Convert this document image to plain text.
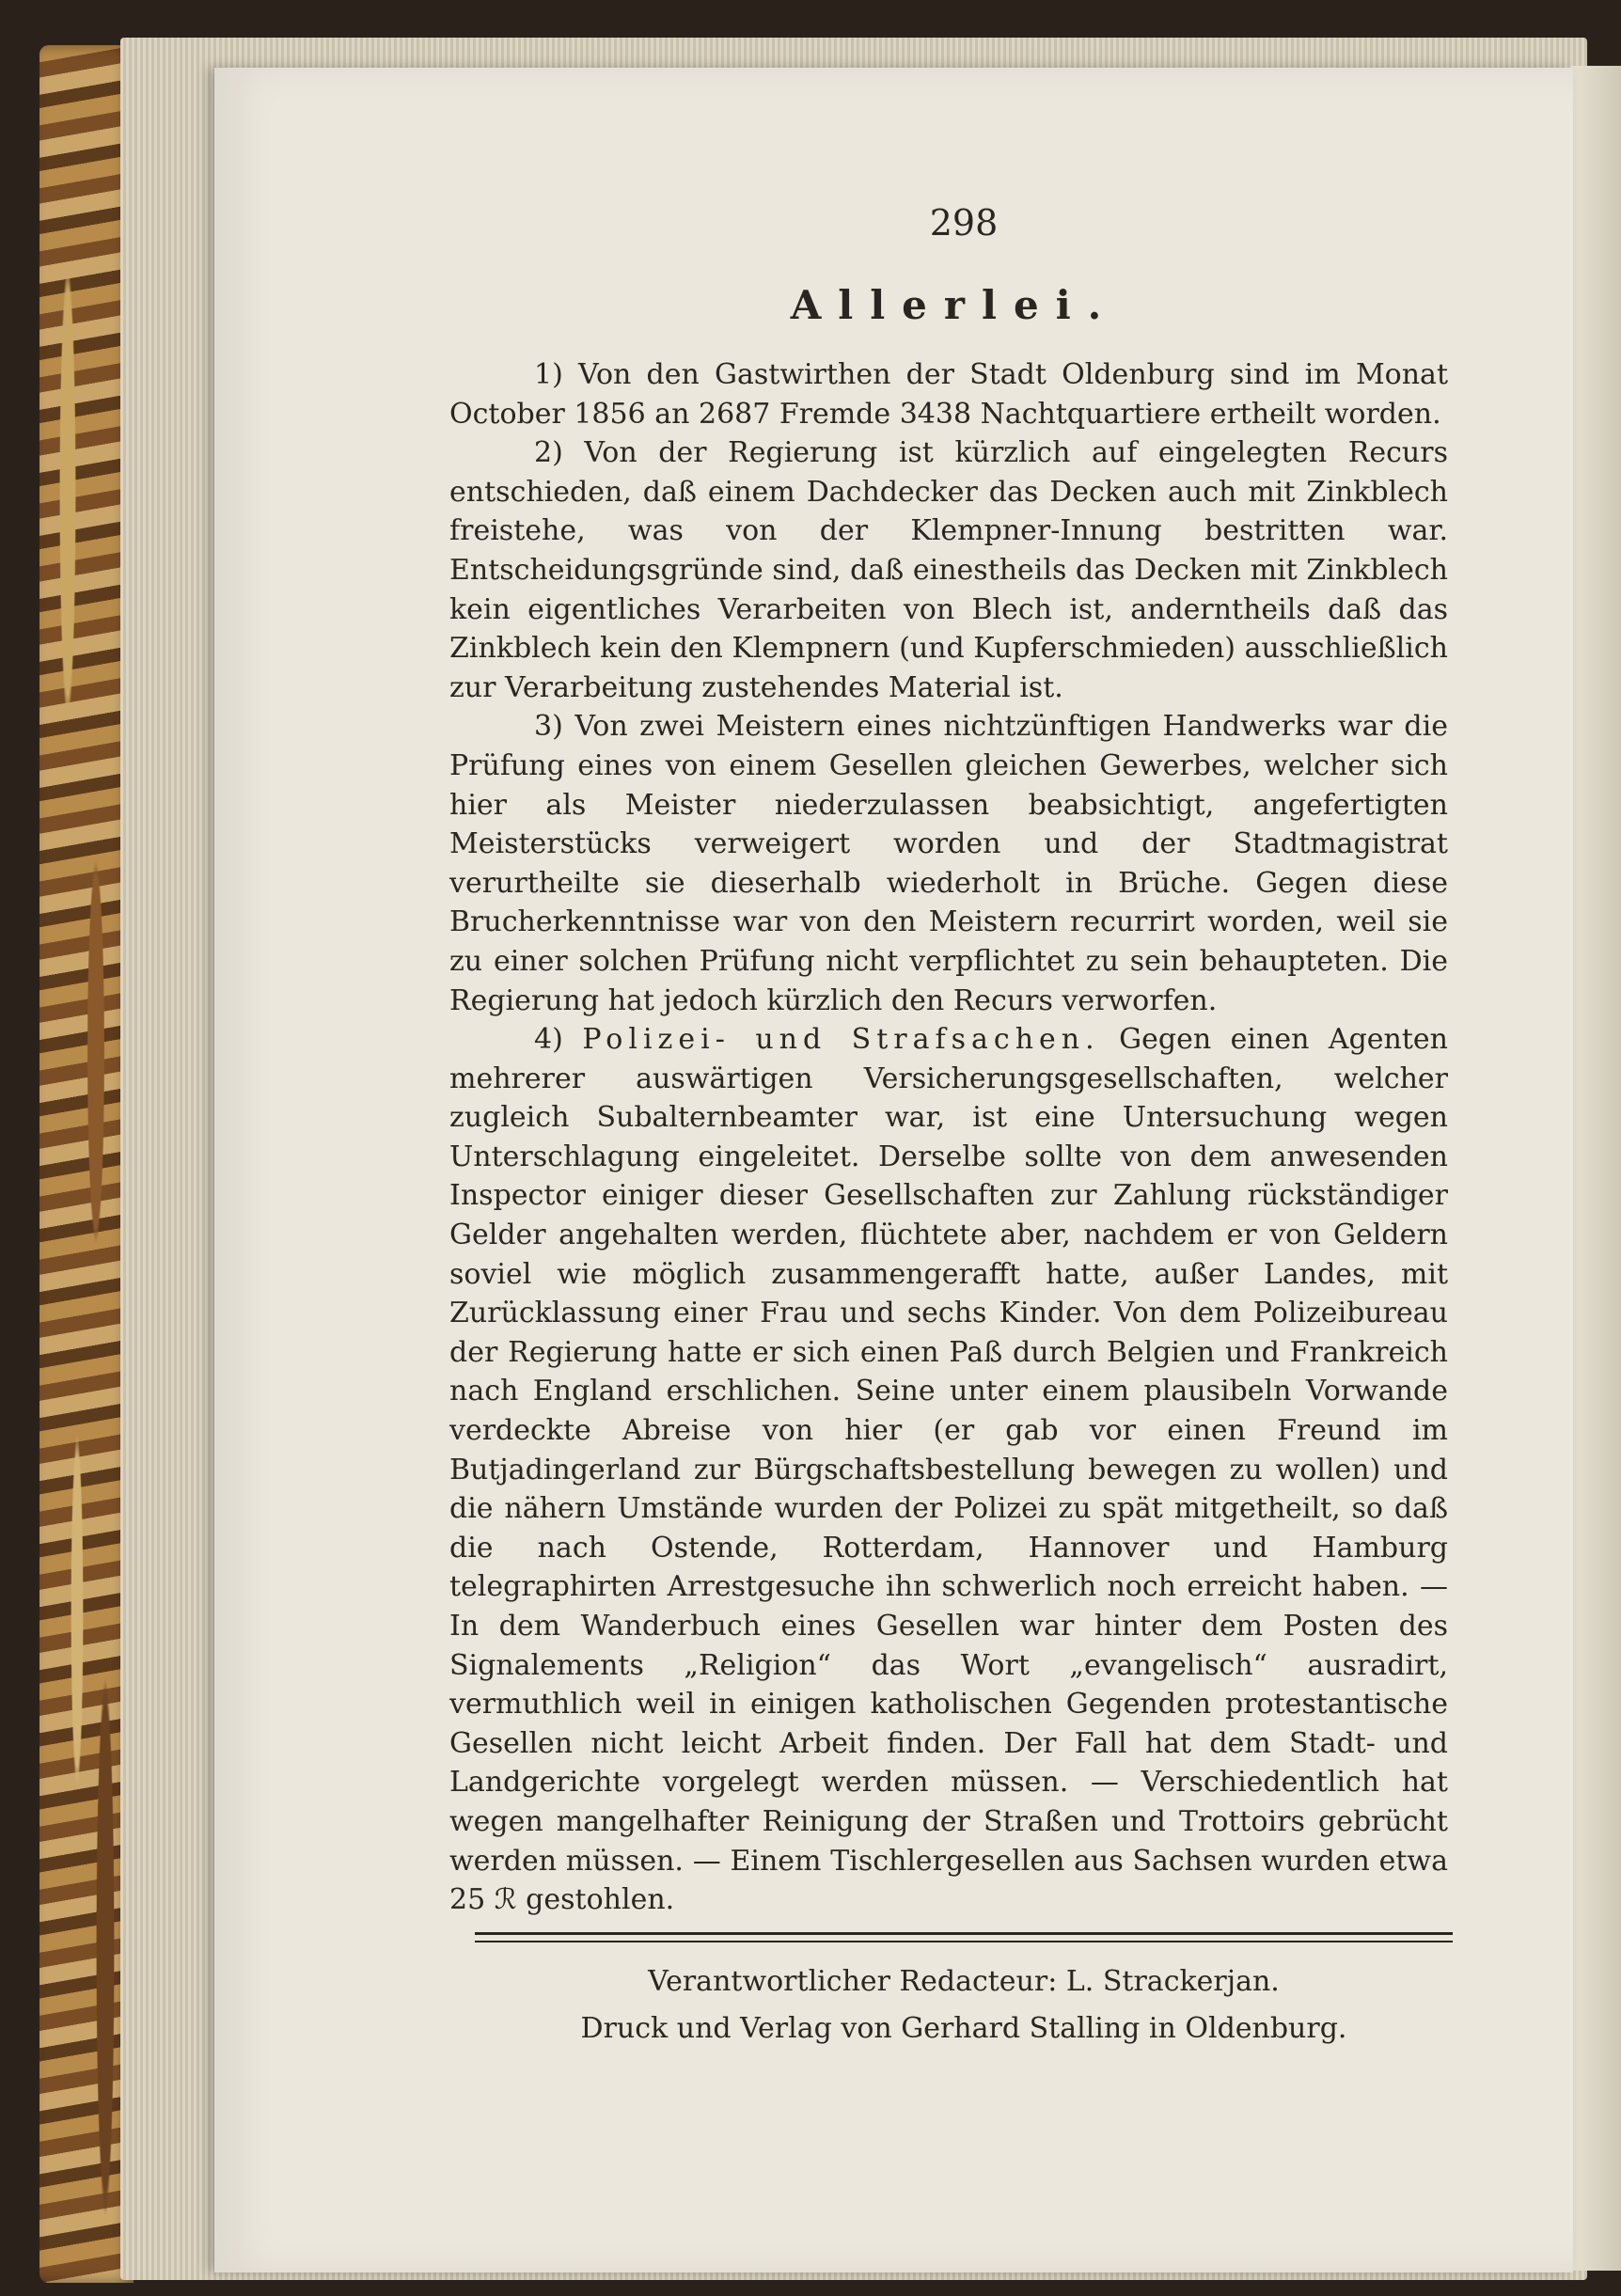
298
Allerlei.

1) Von den Gastwirthen der Stadt Oldenburg sind im Monat October 1856 an 2687 Fremde 3438 Nachtquartiere ertheilt worden.

2) Von der Regierung ist kürzlich auf eingelegten Recurs entschieden, daß einem Dachdecker das Decken auch mit Zinkblech freistehe, was von der Klempner-Innung bestritten war. Entscheidungsgründe sind, daß einestheils das Decken mit Zinkblech kein eigentliches Verarbeiten von Blech ist, anderntheils daß das Zinkblech kein den Klempnern (und Kupferschmieden) ausschließlich zur Verarbeitung zustehendes Material ist.

3) Von zwei Meistern eines nichtzünftigen Handwerks war die Prüfung eines von einem Gesellen gleichen Gewerbes, welcher sich hier als Meister niederzulassen beabsichtigt, angefertigten Meisterstücks verweigert worden und der Stadtmagistrat verurtheilte sie dieserhalb wiederholt in Brüche. Gegen diese Brucherkenntnisse war von den Meistern recurrirt worden, weil sie zu einer solchen Prüfung nicht verpflichtet zu sein behaupteten. Die Regierung hat jedoch kürzlich den Recurs verworfen.

4) Polizei- und Strafsachen. Gegen einen Agenten mehrerer auswärtigen Versicherungsgesellschaften, welcher zugleich Subalternbeamter war, ist eine Untersuchung wegen Unterschlagung eingeleitet. Derselbe sollte von dem anwesenden Inspector einiger dieser Gesellschaften zur Zahlung rückständiger Gelder angehalten werden, flüchtete aber, nachdem er von Geldern soviel wie möglich zusammengerafft hatte, außer Landes, mit Zurücklassung einer Frau und sechs Kinder. Von dem Polizeibureau der Regierung hatte er sich einen Paß durch Belgien und Frankreich nach England erschlichen. Seine unter einem plausibeln Vorwande verdeckte Abreise von hier (er gab vor einen Freund im Butjadingerland zur Bürgschaftsbestellung bewegen zu wollen) und die nähern Umstände wurden der Polizei zu spät mitgetheilt, so daß die nach Ostende, Rotterdam, Hannover und Hamburg telegraphirten Arrestgesuche ihn schwerlich noch erreicht haben. — In dem Wanderbuch eines Gesellen war hinter dem Posten des Signalements „Religion“ das Wort „evangelisch“ ausradirt, vermuthlich weil in einigen katholischen Gegenden protestantische Gesellen nicht leicht Arbeit finden. Der Fall hat dem Stadt- und Landgerichte vorgelegt werden müssen. — Verschiedentlich hat wegen mangelhafter Reinigung der Straßen und Trottoirs gebrücht werden müssen. — Einem Tischlergesellen aus Sachsen wurden etwa 25 ℛ gestohlen.

Verantwortlicher Redacteur: L. Strackerjan.
Druck und Verlag von Gerhard Stalling in Oldenburg.
